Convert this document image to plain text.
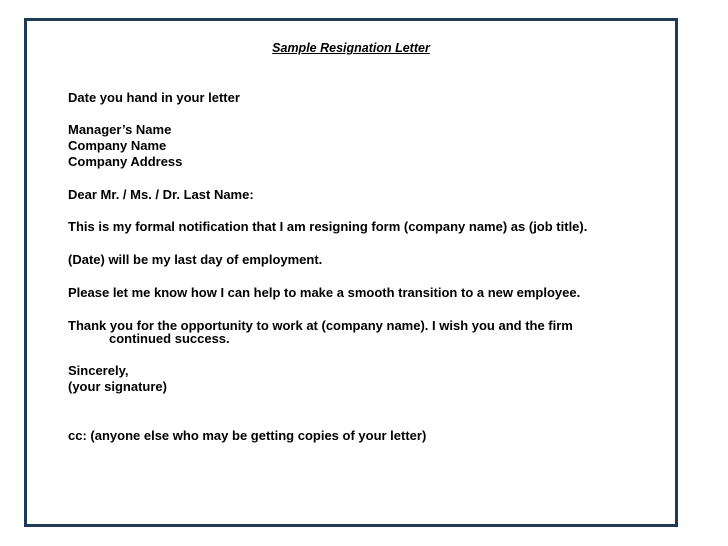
Sample Resignation Letter
Date you hand in your letter
Manager’s Name
Company Name
Company Address
Dear Mr. / Ms. / Dr. Last Name:
This is my formal notification that I am resigning form (company name) as (job title).
(Date) will be my last day of employment.
Please let me know how I can help to make a smooth transition to a new employee.
Thank you for the opportunity to work at (company name). I wish you and the firm
continued success.
Sincerely,
(your signature)
cc: (anyone else who may be getting copies of your letter)
